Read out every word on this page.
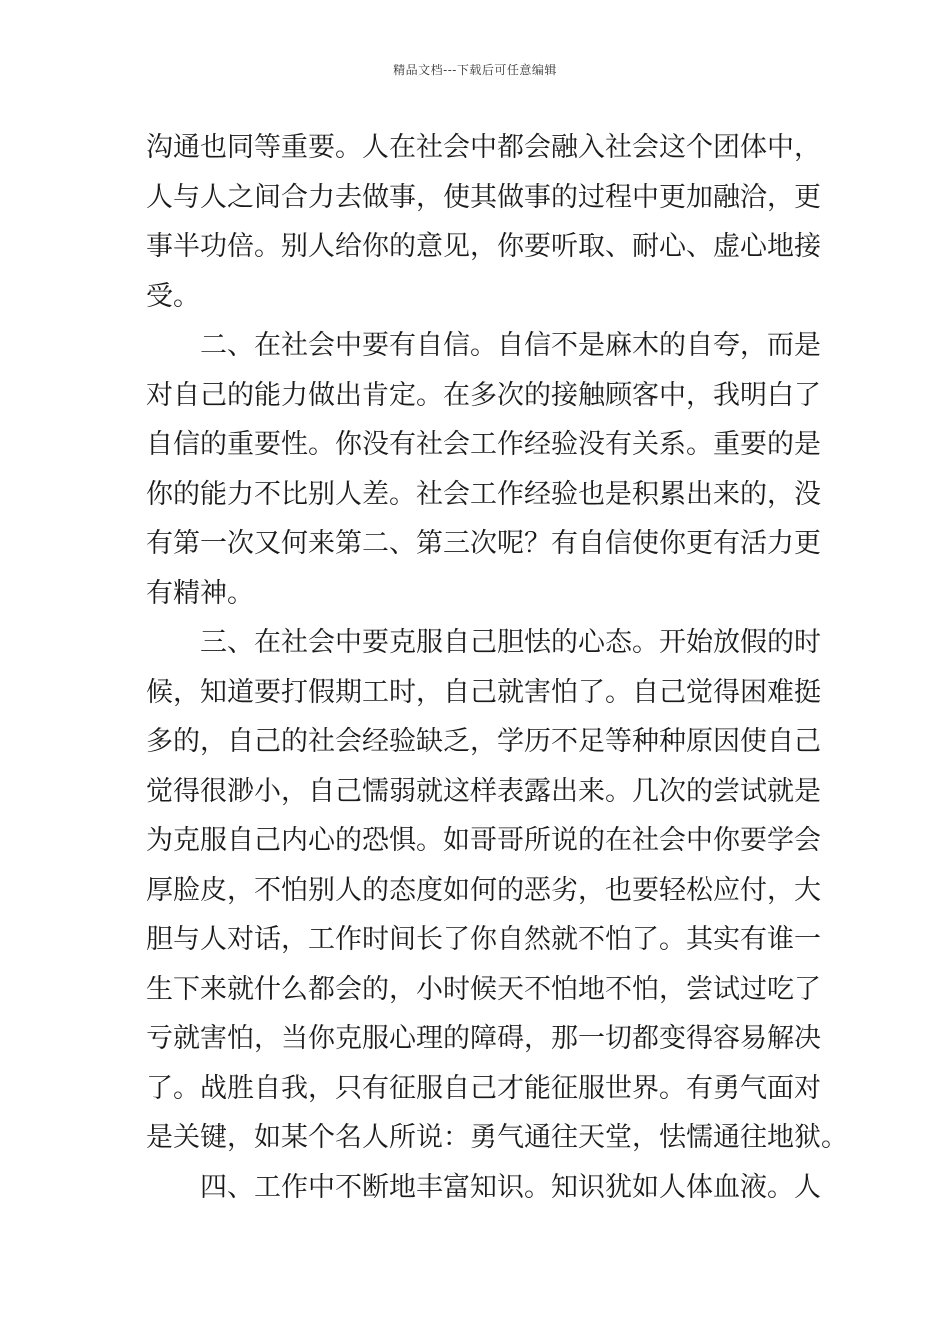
精品文档---下载后可任意编辑
沟通也同等重要。人在社会中都会融入社会这个团体中，
人与人之间合力去做事，使其做事的过程中更加融洽，更
事半功倍。别人给你的意见，你要听取、耐心、虚心地接
受。
二、在社会中要有自信。自信不是麻木的自夸，而是
对自己的能力做出肯定。在多次的接触顾客中，我明白了
自信的重要性。你没有社会工作经验没有关系。重要的是
你的能力不比别人差。社会工作经验也是积累出来的，没
有第一次又何来第二、第三次呢？有自信使你更有活力更
有精神。
三、在社会中要克服自己胆怯的心态。开始放假的时
候，知道要打假期工时，自己就害怕了。自己觉得困难挺
多的，自己的社会经验缺乏，学历不足等种种原因使自己
觉得很渺小，自己懦弱就这样表露出来。几次的尝试就是
为克服自己内心的恐惧。如哥哥所说的在社会中你要学会
厚脸皮，不怕别人的态度如何的恶劣，也要轻松应付，大
胆与人对话，工作时间长了你自然就不怕了。其实有谁一
生下来就什么都会的，小时候天不怕地不怕，尝试过吃了
亏就害怕，当你克服心理的障碍，那一切都变得容易解决
了。战胜自我，只有征服自己才能征服世界。有勇气面对
是关键，如某个名人所说：勇气通往天堂，怯懦通往地狱。
四、工作中不断地丰富知识。知识犹如人体血液。人
